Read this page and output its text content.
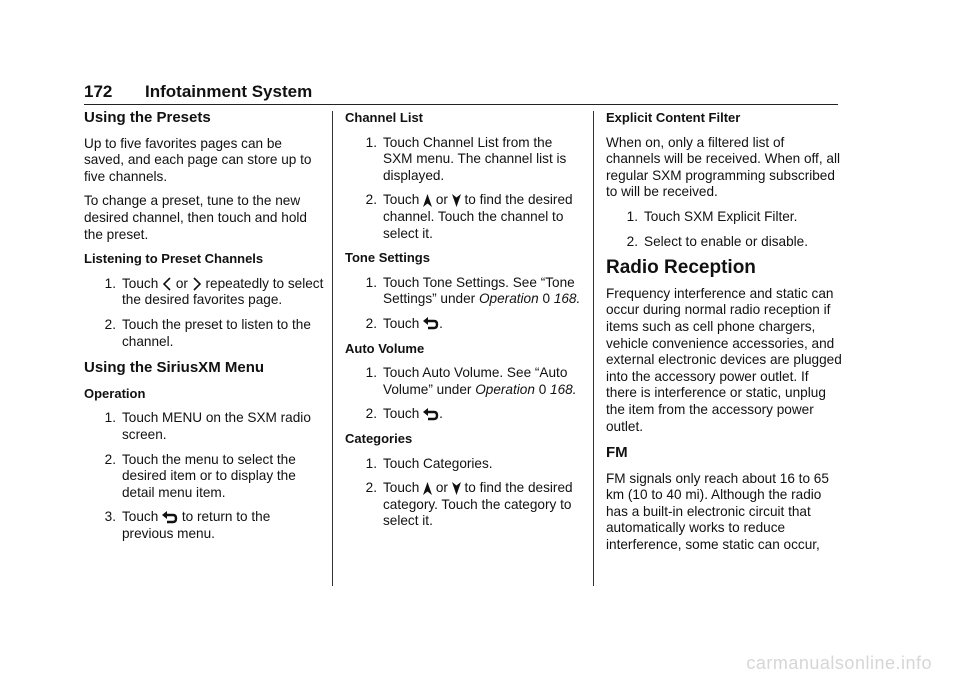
172 Infotainment System
Using the Presets

Up to five favorites pages can be saved, and each page can store up to five channels.

To change a preset, tune to the new desired channel, then touch and hold the preset.

Listening to Preset Channels
1. Touch or repeatedly to select the desired favorites page.
2. Touch the preset to listen to the channel.
Using the SiriusXM Menu
Operation
1. Touch MENU on the SXM radio screen.
2. Touch the menu to select the desired item or to display the detail menu item.
3. Touch to return to the previous menu.
Channel List
1. Touch Channel List from the SXM menu. The channel list is displayed.
2. Touch or to find the desired channel. Touch the channel to select it.
Tone Settings
1. Touch Tone Settings. See “Tone Settings” under Operation 0 168.
2. Touch .
Auto Volume
1. Touch Auto Volume. See “Auto Volume” under Operation 0 168.
2. Touch .
Categories
1. Touch Categories.
2. Touch or to find the desired category. Touch the category to select it.
Explicit Content Filter

When on, only a filtered list of channels will be received. When off, all regular SXM programming subscribed to will be received.

1. Touch SXM Explicit Filter.
2. Select to enable or disable.
Radio Reception

Frequency interference and static can occur during normal radio reception if items such as cell phone chargers, vehicle convenience accessories, and external electronic devices are plugged into the accessory power outlet. If there is interference or static, unplug the item from the accessory power outlet.

FM

FM signals only reach about 16 to 65 km (10 to 40 mi). Although the radio has a built-in electronic circuit that automatically works to reduce interference, some static can occur,

carmanualsonline.info
